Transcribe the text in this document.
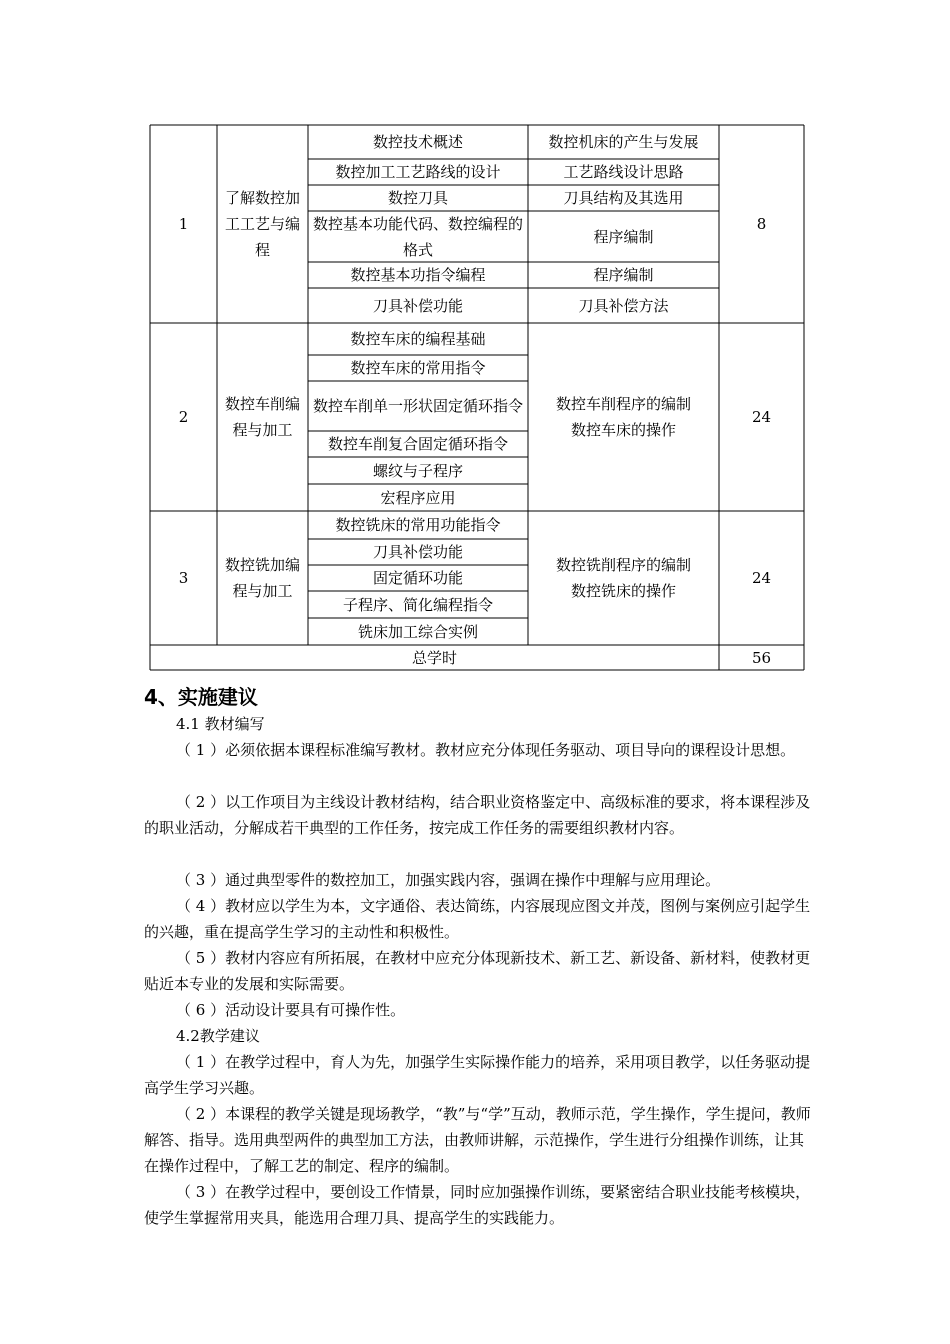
1
了解数控加工工艺与编程
8
数控技术概述
数控加工工艺路线的设计
数控刀具
数控基本功能代码、数控编程的格式
数控基本功指令编程
刀具补偿功能
数控机床的产生与发展
工艺路线设计思路
刀具结构及其选用
程序编制
程序编制
刀具补偿方法
2
数控车削编程与加工
24
数控车削程序的编制
数控车床的操作
数控车床的编程基础
数控车床的常用指令
数控车削单一形状固定循环指令
数控车削复合固定循环指令
螺纹与子程序
宏程序应用
3
数控铣加编程与加工
24
数控铣削程序的编制
数控铣床的操作
数控铣床的常用功能指令
刀具补偿功能
固定循环功能
子程序、简化编程指令
铣床加工综合实例
总学时	56
4、实施建议
4.1 教材编写
（ 1 ）必须依据本课程标准编写教材。教材应充分体现任务驱动、项目导向的课程设计思想。
（ 2 ）以工作项目为主线设计教材结构，结合职业资格鉴定中、高级标准的要求，将本课程涉及的职业活动，分解成若干典型的工作任务，按完成工作任务的需要组织教材内容。
（ 3 ）通过典型零件的数控加工，加强实践内容，强调在操作中理解与应用理论。
（ 4 ）教材应以学生为本，文字通俗、表达简练，内容展现应图文并茂，图例与案例应引起学生的兴趣，重在提高学生学习的主动性和积极性。
（ 5 ）教材内容应有所拓展，在教材中应充分体现新技术、新工艺、新设备、新材料，使教材更贴近本专业的发展和实际需要。
（ 6 ）活动设计要具有可操作性。
4.2教学建议
（ 1 ）在教学过程中，育人为先，加强学生实际操作能力的培养，采用项目教学，以任务驱动提高学生学习兴趣。
（ 2 ）本课程的教学关键是现场教学，“教”与“学”互动，教师示范，学生操作，学生提问，教师解答、指导。选用典型两件的典型加工方法，由教师讲解，示范操作，学生进行分组操作训练，让其在操作过程中，了解工艺的制定、程序的编制。
（ 3 ）在教学过程中，要创设工作情景，同时应加强操作训练，要紧密结合职业技能考核模块，使学生掌握常用夹具，能选用合理刀具、提高学生的实践能力。
